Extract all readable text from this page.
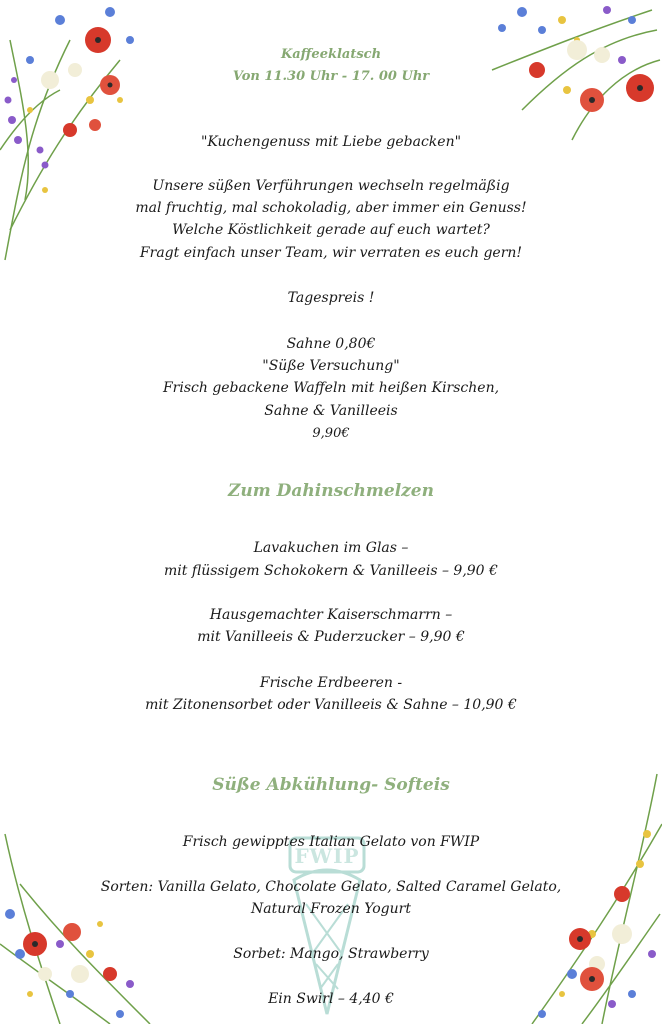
FWIP
Kaffeeklatsch
Von 11.30 Uhr - 17. 00 Uhr
"Kuchengenuss mit Liebe gebacken"
Unsere süßen Verführungen wechseln regelmäßig
mal fruchtig, mal schokoladig, aber immer ein Genuss!
Welche Köstlichkeit gerade auf euch wartet?
Fragt einfach unser Team, wir verraten es euch gern!
Tagespreis !
Sahne 0,80€
"Süße Versuchung"
Frisch gebackene Waffeln mit heißen Kirschen,
Sahne & Vanilleeis
9,90€
Zum Dahinschmelzen
Lavakuchen im Glas –
mit flüssigem Schokokern & Vanilleeis – 9,90 €
Hausgemachter Kaiserschmarrn –
mit Vanilleeis & Puderzucker – 9,90 €
Frische Erdbeeren -
mit Zitonensorbet oder Vanilleeis & Sahne – 10,90 €
Süße Abkühlung- Softeis
Frisch gewipptes Italian Gelato von FWIP
Sorten: Vanilla Gelato, Chocolate Gelato, Salted Caramel Gelato,
Natural Frozen Yogurt
Sorbet: Mango, Strawberry
Ein Swirl – 4,40 €
